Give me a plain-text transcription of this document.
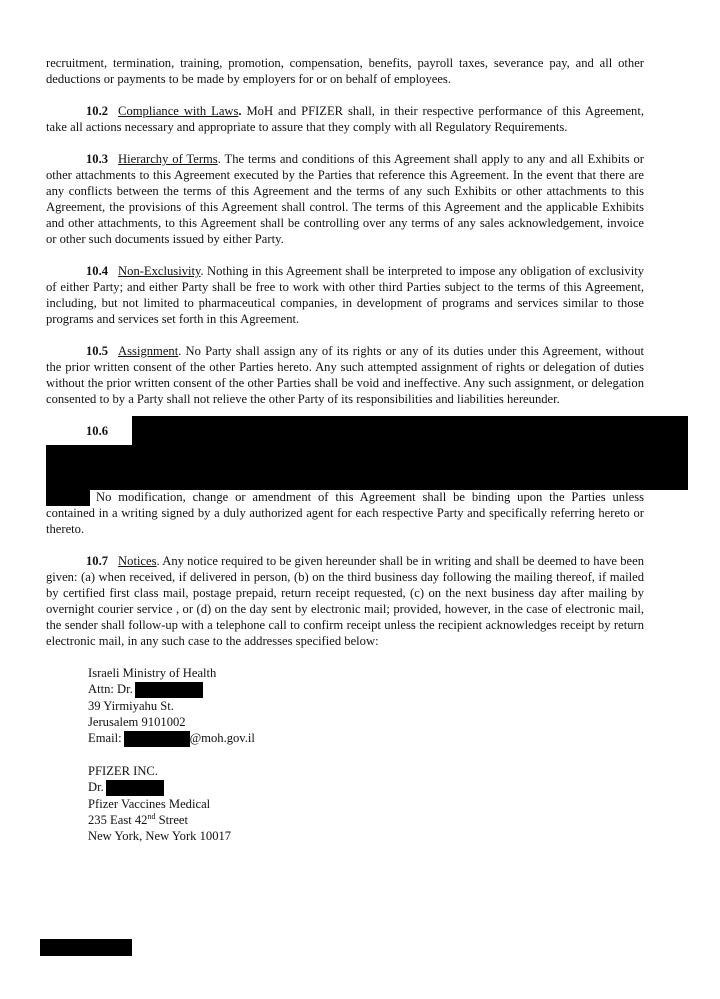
recruitment, termination, training, promotion, compensation, benefits, payroll taxes, severance pay, and all other deductions or payments to be made by employers for or on behalf of employees.

10.2 Compliance with Laws. MoH and PFIZER shall, in their respective performance of this Agreement, take all actions necessary and appropriate to assure that they comply with all Regulatory Requirements.

10.3 Hierarchy of Terms. The terms and conditions of this Agreement shall apply to any and all Exhibits or other attachments to this Agreement executed by the Parties that reference this Agreement. In the event that there are any conflicts between the terms of this Agreement and the terms of any such Exhibits or other attachments to this Agreement, the provisions of this Agreement shall control. The terms of this Agreement and the applicable Exhibits and other attachments, to this Agreement shall be controlling over any terms of any sales acknowledgement, invoice or other such documents issued by either Party.

10.4 Non-Exclusivity. Nothing in this Agreement shall be interpreted to impose any obligation of exclusivity of either Party; and either Party shall be free to work with other third Parties subject to the terms of this Agreement, including, but not limited to pharmaceutical companies, in development of programs and services similar to those programs and services set forth in this Agreement.

10.5 Assignment. No Party shall assign any of its rights or any of its duties under this Agreement, without the prior written consent of the other Parties hereto. Any such attempted assignment of rights or delegation of duties without the prior written consent of the other Parties shall be void and ineffective. Any such assignment, or delegation consented to by a Party shall not relieve the other Party of its responsibilities and liabilities hereunder.

10.6

No modification, change or amendment of this Agreement shall be binding upon the Parties unless contained in a writing signed by a duly authorized agent for each respective Party and specifically referring hereto or thereto.

10.7 Notices. Any notice required to be given hereunder shall be in writing and shall be deemed to have been given: (a) when received, if delivered in person, (b) on the third business day following the mailing thereof, if mailed by certified first class mail, postage prepaid, return receipt requested, (c) on the next business day after mailing by overnight courier service , or (d) on the day sent by electronic mail; provided, however, in the case of electronic mail, the sender shall follow-up with a telephone call to confirm receipt unless the recipient acknowledges receipt by return electronic mail, in any such case to the addresses specified below:

Israeli Ministry of Health
Attn: Dr.
39 Yirmiyahu St.
Jerusalem 9101002
Email:	@moh.gov.il
PFIZER INC.
Dr.
Pfizer Vaccines Medical
235 East 42nd Street
New York, New York 10017
